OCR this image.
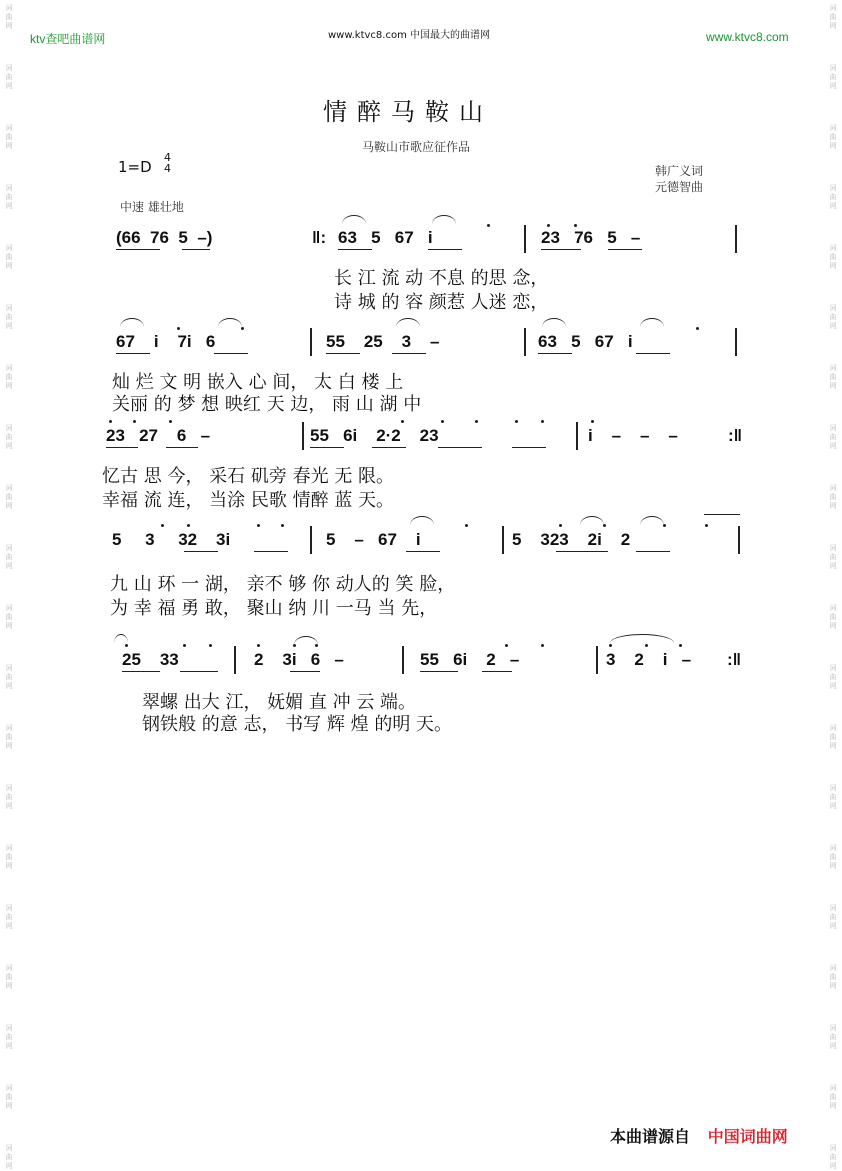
词
曲
网
词
曲
网
词
曲
网
词
曲
网
词
曲
网
词
曲
网
词
曲
网
词
曲
网
词
曲
网
词
曲
网
词
曲
网
词
曲
网
词
曲
网
词
曲
网
词
曲
网
词
曲
网
词
曲
网
词
曲
网
词
曲
网
词
曲
网
词
曲
网
词
曲
网
词
曲
网
词
曲
网
词
曲
网
词
曲
网
词
曲
网
词
曲
网
词
曲
网
词
曲
网
词
曲
网
词
曲
网
词
曲
网
词
曲
网
词
曲
网
词
曲
网
词
曲
网
词
曲
网
词
曲
网
词
曲
网
ktv查吧曲谱网	www.ktvc8.com 中国最大的曲谱网	www.ktvc8.com
情醉马鞍山
马鞍山市歌应征作品
1=D
4
4	韩广义词
元德智曲
中速 雄壮地
(66 76 5 –)	‖: 63 5 67 i	23 76 5 –
长 江 流 动 不息 的思 念，
诗 城 的 容 颜惹 人迷 恋，
67 i 7i 6	55 25 3 –	63 5 67 i
灿 烂 文 明 嵌入 心 间， 太 白 楼 上
关丽 的 梦 想 映红 天 边， 雨 山 湖 中
23 27 6 –	55 6i 2·2 23	i – – –	:‖
忆古 思 今， 采石 矶旁 春光 无 限。
幸福 流 连， 当涂 民歌 情醉 蓝 天。
5 3 32 3i	5 – 67 i	5 323 2i 2
九 山 环 一 湖， 亲不 够 你 动人的 笑 脸，
为 幸 福 勇 敢， 聚山 纳 川 一马 当 先，
25 33	2 3i 6 –	55 6i 2 –	3 2 i – :‖
翠螺 出大 江， 妩媚 直 冲 云 端。
钢铁般 的意 志， 书写 辉 煌 的明 天。
本曲谱源自 中国词曲网
